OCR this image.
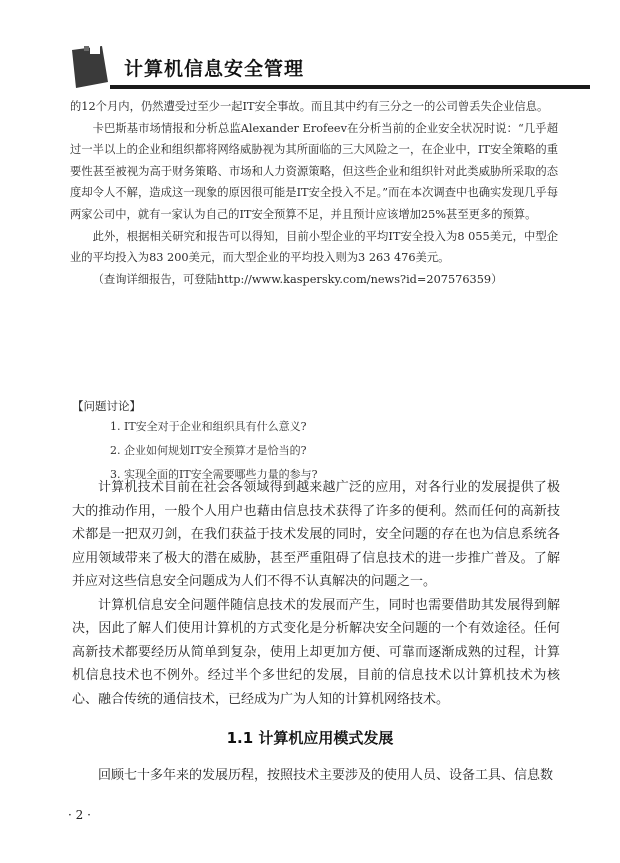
计算机信息安全管理

的12个月内，仍然遭受过至少一起IT安全事故。而且其中约有三分之一的公司曾丢失企业信息。

卡巴斯基市场情报和分析总监Alexander Erofeev在分析当前的企业安全状况时说：“几乎超过一半以上的企业和组织都将网络威胁视为其所面临的三大风险之一，在企业中，IT安全策略的重要性甚至被视为高于财务策略、市场和人力资源策略，但这些企业和组织针对此类威胁所采取的态度却令人不解，造成这一现象的原因很可能是IT安全投入不足。”而在本次调查中也确实发现几乎每两家公司中，就有一家认为自己的IT安全预算不足，并且预计应该增加25%甚至更多的预算。

此外，根据相关研究和报告可以得知，目前小型企业的平均IT安全投入为8 055美元，中型企业的平均投入为83 200美元，而大型企业的平均投入则为3 263 476美元。

（查询详细报告，可登陆http://www.kaspersky.com/news?id=207576359）

【问题讨论】
1. IT安全对于企业和组织具有什么意义?
2. 企业如何规划IT安全预算才是恰当的?
3. 实现全面的IT安全需要哪些力量的参与?

计算机技术目前在社会各领域得到越来越广泛的应用，对各行业的发展提供了极大的推动作用，一般个人用户也藉由信息技术获得了许多的便利。然而任何的高新技术都是一把双刃剑，在我们获益于技术发展的同时，安全问题的存在也为信息系统各应用领域带来了极大的潜在威胁，甚至严重阻碍了信息技术的进一步推广普及。了解并应对这些信息安全问题成为人们不得不认真解决的问题之一。

计算机信息安全问题伴随信息技术的发展而产生，同时也需要借助其发展得到解决，因此了解人们使用计算机的方式变化是分析解决安全问题的一个有效途径。任何高新技术都要经历从简单到复杂，使用上却更加方便、可靠而逐渐成熟的过程，计算机信息技术也不例外。经过半个多世纪的发展，目前的信息技术以计算机技术为核心、融合传统的通信技术，已经成为广为人知的计算机网络技术。

1.1 计算机应用模式发展
回顾七十多年来的发展历程，按照技术主要涉及的使用人员、设备工具、信息数
· 2 ·
